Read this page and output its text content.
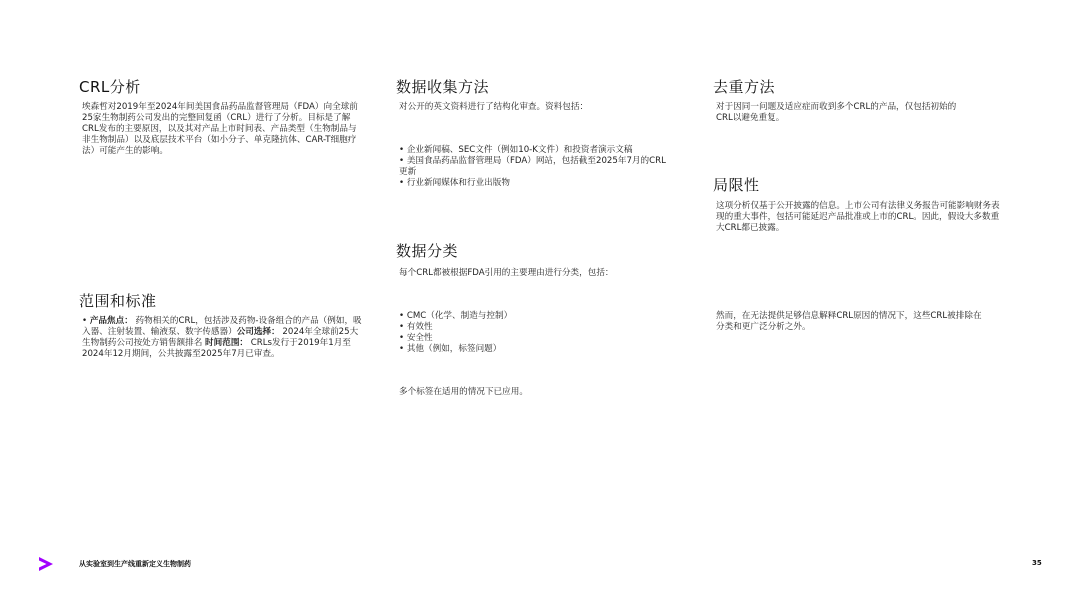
CRL分析

埃森哲对2019年至2024年间美国食品药品监督管理局（FDA）向全球前25家生物制药公司发出的完整回复函（CRL）进行了分析。目标是了解CRL发布的主要原因，以及其对产品上市时间表、产品类型（生物制品与非生物制品）以及底层技术平台（如小分子、单克隆抗体、CAR-T细胞疗法）可能产生的影响。

范围和标准

• 产品焦点： 药物相关的CRL，包括涉及药物-设备组合的产品（例如，吸入器、注射装置、输液泵、数字传感器）公司选择： 2024年全球前25大生物制药公司按处方销售额排名 时间范围： CRLs发行于2019年1月至2024年12月期间，公共披露至2025年7月已审查。

数据收集方法

对公开的英文资料进行了结构化审查。资料包括：

• 企业新闻稿、SEC文件（例如10-K文件）和投资者演示文稿
• 美国食品药品监督管理局（FDA）网站，包括截至2025年7月的CRL更新
• 行业新闻媒体和行业出版物
数据分类

每个CRL都被根据FDA引用的主要理由进行分类，包括：

• CMC（化学、制造与控制）
• 有效性
• 安全性
• 其他（例如，标签问题）

多个标签在适用的情况下已应用。

去重方法

对于因同一问题及适应症而收到多个CRL的产品，仅包括初始的CRL以避免重复。

局限性

这项分析仅基于公开披露的信息。上市公司有法律义务报告可能影响财务表现的重大事件，包括可能延迟产品批准或上市的CRL。因此，假设大多数重大CRL都已披露。

然而，在无法提供足够信息解释CRL原因的情况下，这些CRL被排除在分类和更广泛分析之外。

从实验室到生产线重新定义生物制药	35
